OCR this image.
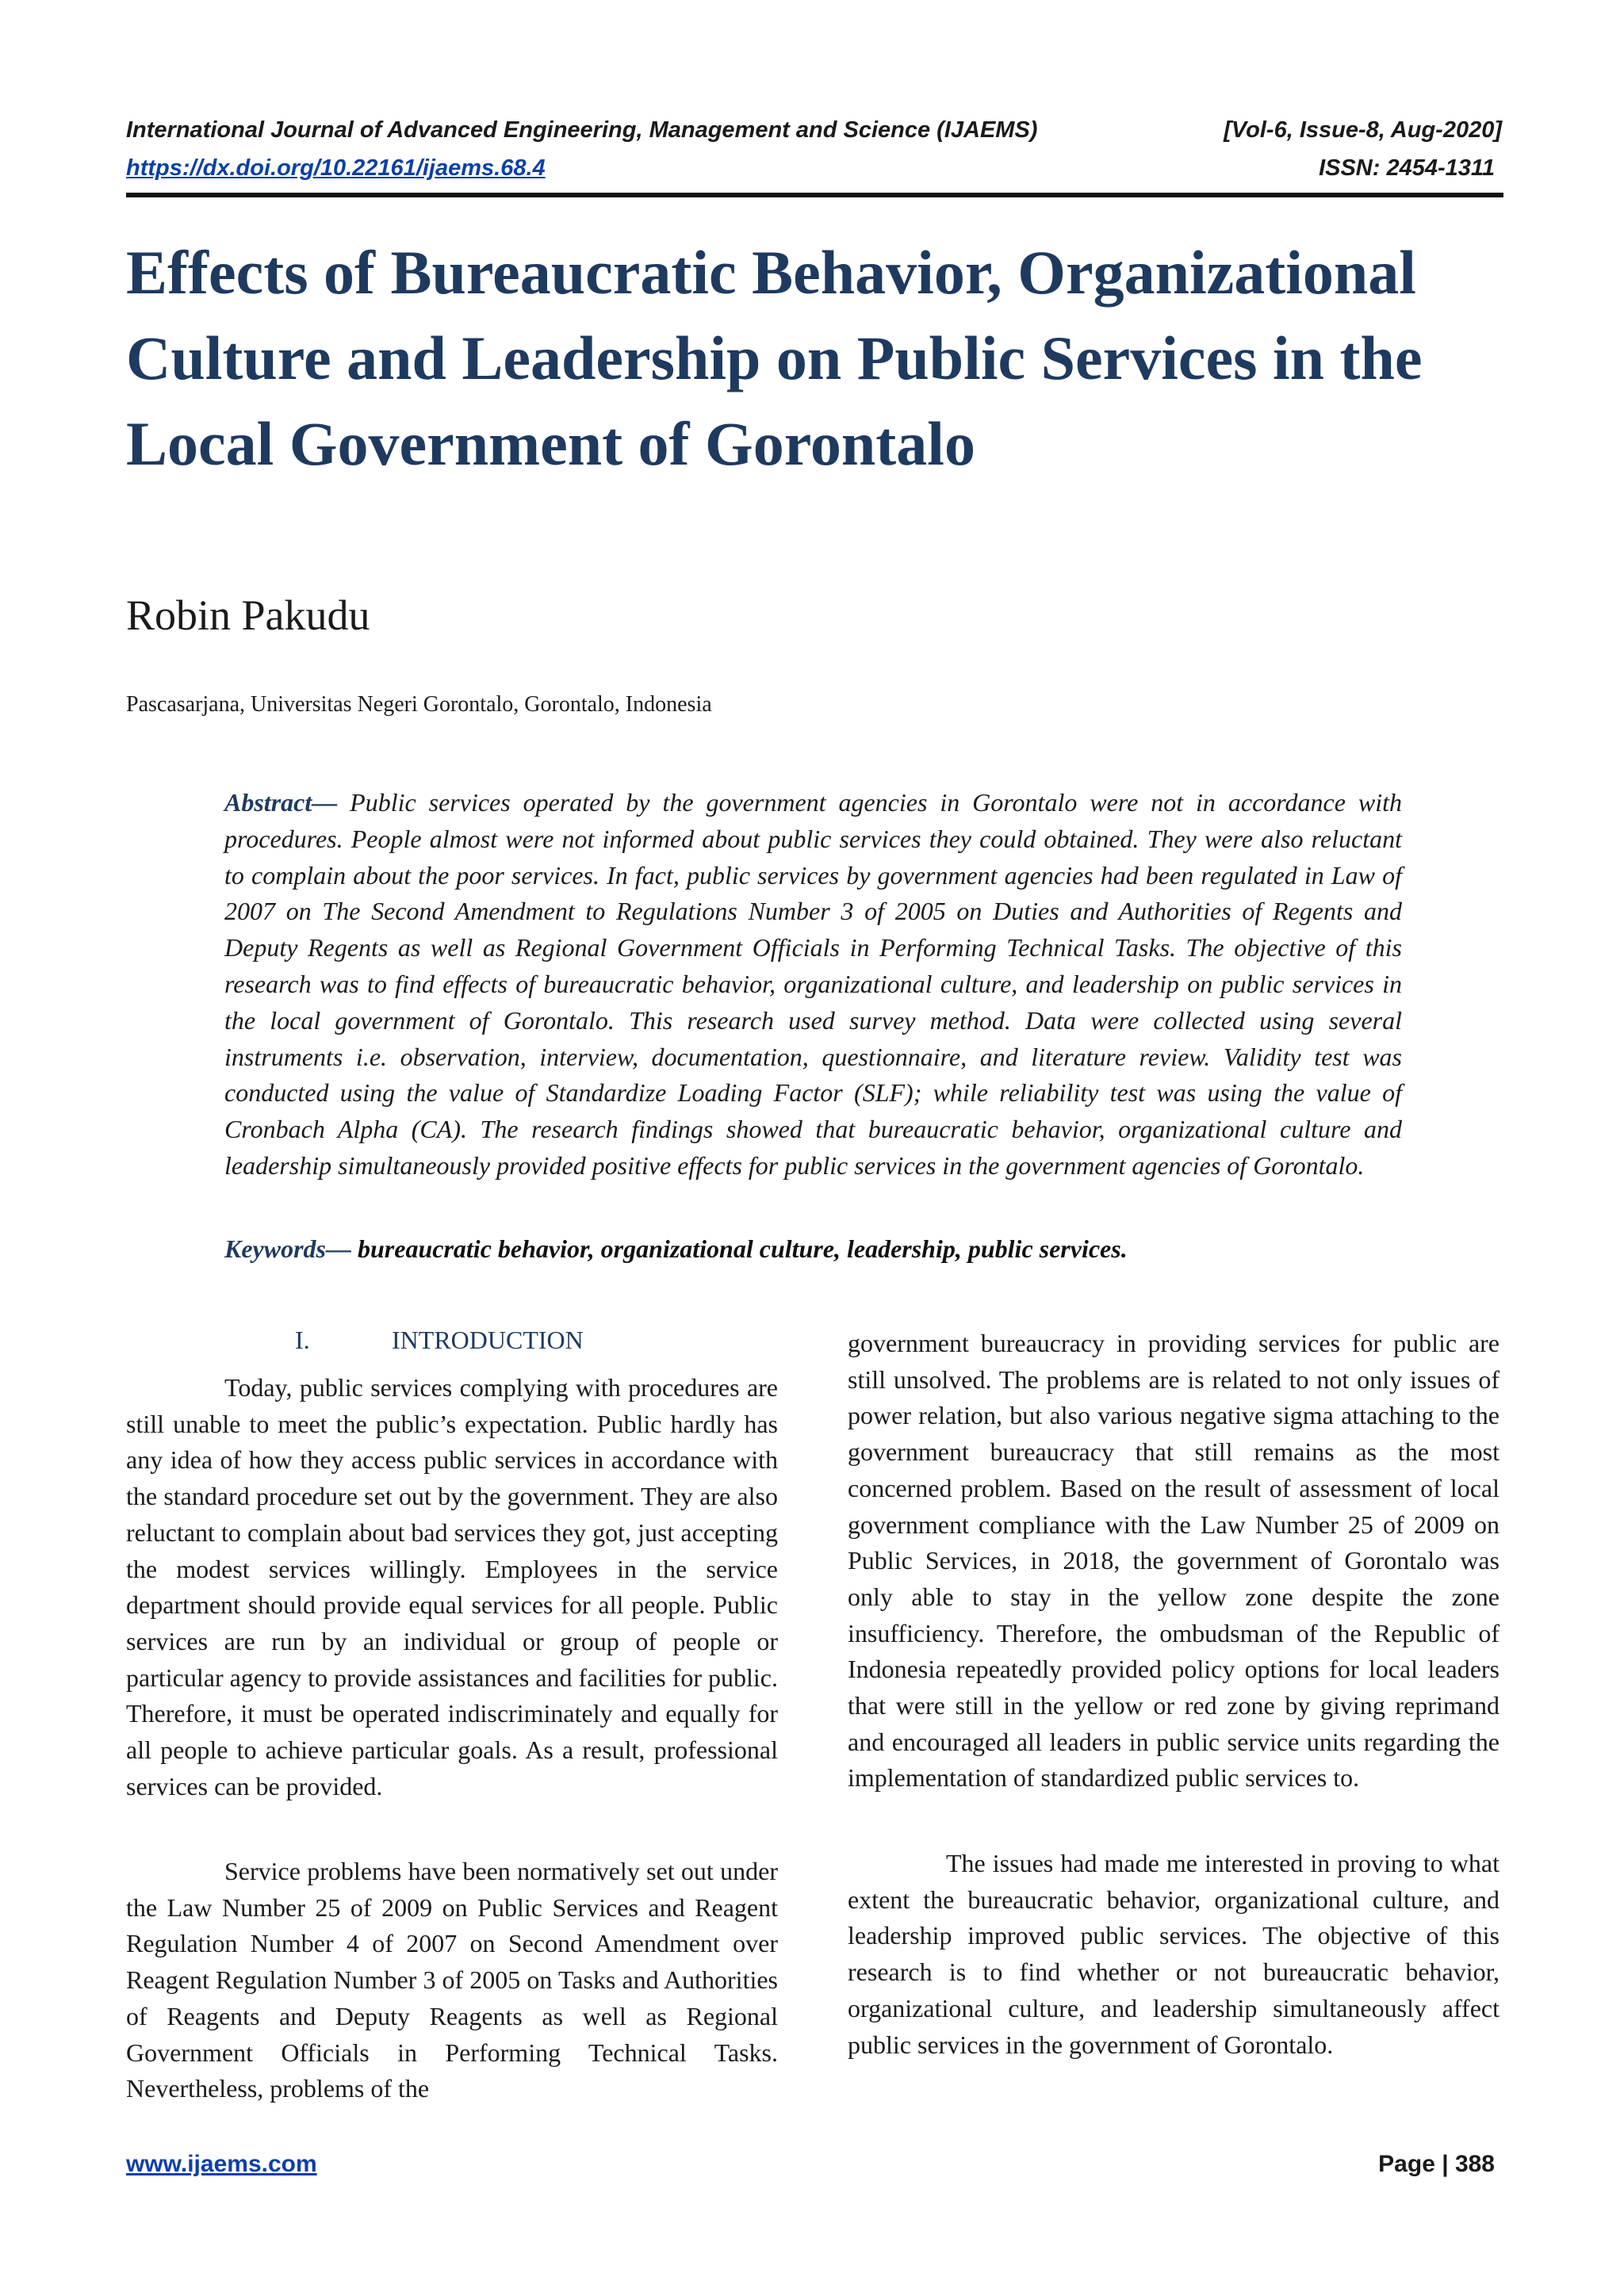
International Journal of Advanced Engineering, Management and Science (IJAEMS)	[Vol-6, Issue-8, Aug-2020]
https://dx.doi.org/10.22161/ijaems.68.4	ISSN: 2454-1311
Effects of Bureaucratic Behavior, Organizational Culture and Leadership on Public Services in the Local Government of Gorontalo
Robin Pakudu
Pascasarjana, Universitas Negeri Gorontalo, Gorontalo, Indonesia

Abstract— Public services operated by the government agencies in Gorontalo were not in accordance with procedures. People almost were not informed about public services they could obtained. They were also reluctant to complain about the poor services. In fact, public services by government agencies had been regulated in Law of 2007 on The Second Amendment to Regulations Number 3 of 2005 on Duties and Authorities of Regents and Deputy Regents as well as Regional Government Officials in Performing Technical Tasks. The objective of this research was to find effects of bureaucratic behavior, organizational culture, and leadership on public services in the local government of Gorontalo. This research used survey method. Data were collected using several instruments i.e. observation, interview, documentation, questionnaire, and literature review. Validity test was conducted using the value of Standardize Loading Factor (SLF); while reliability test was using the value of Cronbach Alpha (CA). The research findings showed that bureaucratic behavior, organizational culture and leadership simultaneously provided positive effects for public services in the government agencies of Gorontalo.

Keywords— bureaucratic behavior, organizational culture, leadership, public services.

I.	INTRODUCTION

Today, public services complying with procedures are still unable to meet the public’s expectation. Public hardly has any idea of how they access public services in accordance with the standard procedure set out by the government. They are also reluctant to complain about bad services they got, just accepting the modest services willingly. Employees in the service department should provide equal services for all people. Public services are run by an individual or group of people or particular agency to provide assistances and facilities for public. Therefore, it must be operated indiscriminately and equally for all people to achieve particular goals. As a result, professional services can be provided.

Service problems have been normatively set out under the Law Number 25 of 2009 on Public Services and Reagent Regulation Number 4 of 2007 on Second Amendment over Reagent Regulation Number 3 of 2005 on Tasks and Authorities of Reagents and Deputy Reagents as well as Regional Government Officials in Performing Technical Tasks. Nevertheless, problems of the

government bureaucracy in providing services for public are still unsolved. The problems are is related to not only issues of power relation, but also various negative sigma attaching to the government bureaucracy that still remains as the most concerned problem. Based on the result of assessment of local government compliance with the Law Number 25 of 2009 on Public Services, in 2018, the government of Gorontalo was only able to stay in the yellow zone despite the zone insufficiency. Therefore, the ombudsman of the Republic of Indonesia repeatedly provided policy options for local leaders that were still in the yellow or red zone by giving reprimand and encouraged all leaders in public service units regarding the implementation of standardized public services to.

The issues had made me interested in proving to what extent the bureaucratic behavior, organizational culture, and leadership improved public services. The objective of this research is to find whether or not bureaucratic behavior, organizational culture, and leadership simultaneously affect public services in the government of Gorontalo.

www.ijaems.com	Page | 388
